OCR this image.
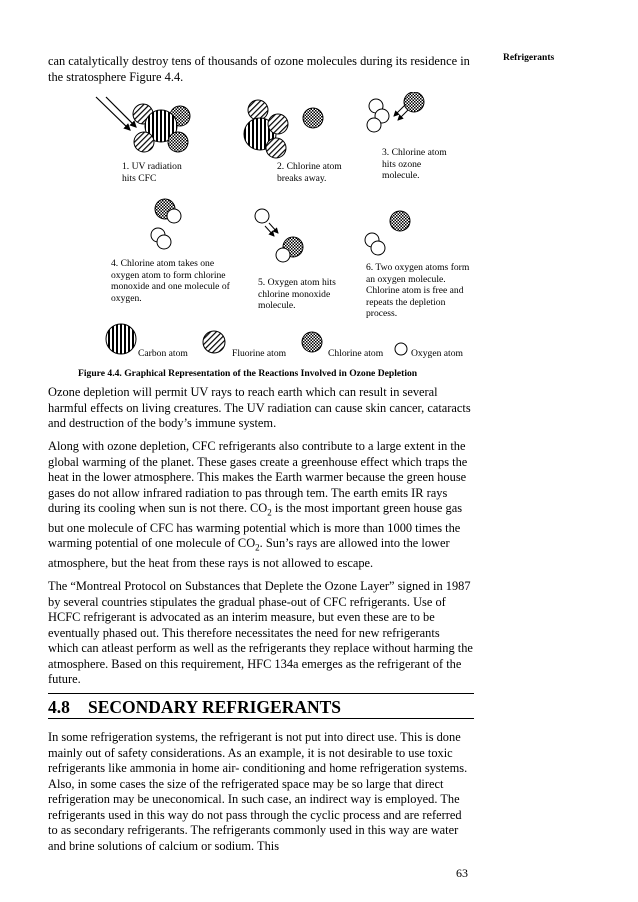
Refrigerants

can catalytically destroy tens of thousands of ozone molecules during its residence in the stratosphere Figure 4.4.

1. UV radiation
hits CFC
2. Chlorine atom
breaks away.
3. Chlorine atom
hits ozone
molecule.
4. Chlorine atom takes one
oxygen atom to form chlorine
monoxide and one molecule of
oxygen.
5. Oxygen atom hits
chlorine monoxide
molecule.
6. Two oxygen atoms form
an oxygen molecule.
Chlorine atom is free and
repeats the depletion
process.
Carbon atom	Fluorine atom	Chlorine atom	Oxygen atom
Figure 4.4. Graphical Representation of the Reactions Involved in Ozone Depletion

Ozone depletion will permit UV rays to reach earth which can result in several harmful effects on living creatures. The UV radiation can cause skin cancer, cataracts and destruction of the body’s immune system.

Along with ozone depletion, CFC refrigerants also contribute to a large extent in the global warming of the planet. These gases create a greenhouse effect which traps the heat in the lower atmosphere. This makes the Earth warmer because the green house gases do not allow infrared radiation to pas through tem. The earth emits IR rays during its cooling when sun is not there. $CO_2$ is the most important green house gas but one molecule of CFC has warming potential which is more than 1000 times the warming potential of one molecule of $CO_2$. Sun’s rays are allowed into the lower atmosphere, but the heat from these rays is not allowed to escape.

The “Montreal Protocol on Substances that Deplete the Ozone Layer” signed in 1987 by several countries stipulates the gradual phase-out of CFC refrigerants. Use of HCFC refrigerant is advocated as an interim measure, but even these are to be eventually phased out. This therefore necessitates the need for new refrigerants which can atleast perform as well as the refrigerants they replace without harming the atmosphere. Based on this requirement, HFC 134a emerges as the refrigerant of the future.

4.8 SECONDARY REFRIGERANTS

In some refrigeration systems, the refrigerant is not put into direct use. This is done mainly out of safety considerations. As an example, it is not desirable to use toxic refrigerants like ammonia in home air- conditioning and home refrigeration systems. Also, in some cases the size of the refrigerated space may be so large that direct refrigeration may be uneconomical. In such case, an indirect way is employed. The refrigerants used in this way do not pass through the cyclic process and are referred to as secondary refrigerants. The refrigerants commonly used in this way are water and brine solutions of calcium or sodium. This

63
